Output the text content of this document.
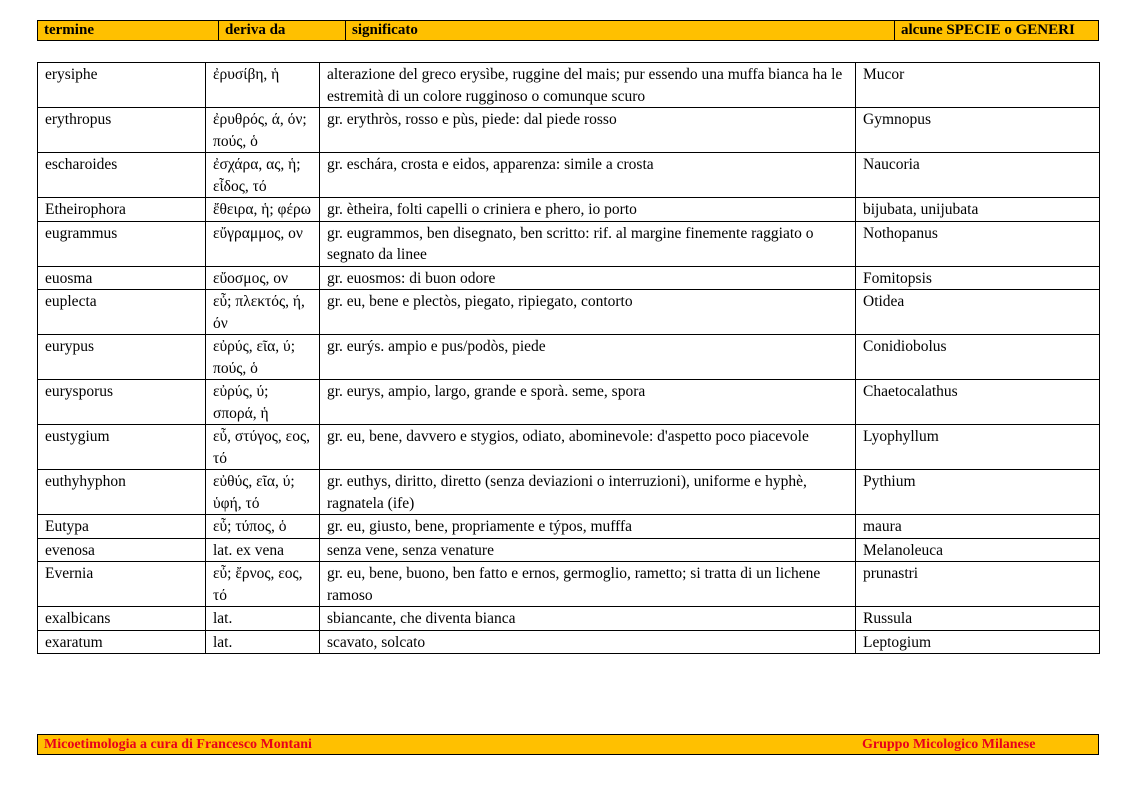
termine	deriva da	significato	alcune SPECIE o GENERI
erysiphe	ἐρυσίβη, ἡ	alterazione del greco erysìbe, ruggine del mais; pur essendo una muffa bianca ha le estremità di un colore rugginoso o comunque scuro	Mucor
erythropus	ἐρυθρός, ά, όν; πούς, ὁ	gr. erythròs, rosso e pùs, piede: dal piede rosso	Gymnopus
escharoides	ἐσχάρα, ας, ἡ; εἶδος, τό	gr. eschára, crosta e eidos, apparenza: simile a crosta	Naucoria
Etheirophora	ἔθειρα, ἡ; φέρω	gr. ètheira, folti capelli o criniera e phero, io porto	bijubata, unijubata
eugrammus	εὔγραμμος, ον	gr. eugrammos, ben disegnato, ben scritto: rif. al margine finemente raggiato o segnato da linee	Nothopanus
euosma	εὔοσμος, ον	gr. euosmos: di buon odore	Fomitopsis
euplecta	εὖ; πλεκτός, ή, όν	gr. eu, bene e plectòs, piegato, ripiegato, contorto	Otidea
eurypus	εὐρύς, εῖα, ύ; πούς, ὁ	gr. eurýs. ampio e pus/podòs, piede	Conidiobolus
eurysporus	εὐρύς, ύ; σπορά, ἡ	gr. eurys, ampio, largo, grande e sporà. seme, spora	Chaetocalathus
eustygium	εὖ, στύγος, εος, τό	gr. eu, bene, davvero e stygios, odiato, abominevole: d'aspetto poco piacevole	Lyophyllum
euthyhyphon	εὐθύς, εῖα, ύ; ὑφή, τό	gr. euthys, diritto, diretto (senza deviazioni o interruzioni), uniforme e hyphè, ragnatela (ife)	Pythium
Eutypa	εὖ; τύπος, ὁ	gr. eu, giusto, bene, propriamente e týpos, mufffa	maura
evenosa	lat. ex vena	senza vene, senza venature	Melanoleuca
Evernia	εὖ; ἔρνος, εος, τό	gr. eu, bene, buono, ben fatto e ernos, germoglio, rametto; si tratta di un lichene ramoso	prunastri
exalbicans	lat.	sbiancante, che diventa bianca	Russula
exaratum	lat.	scavato, solcato	Leptogium
Micoetimologia a cura di Francesco Montani	Gruppo Micologico Milanese
